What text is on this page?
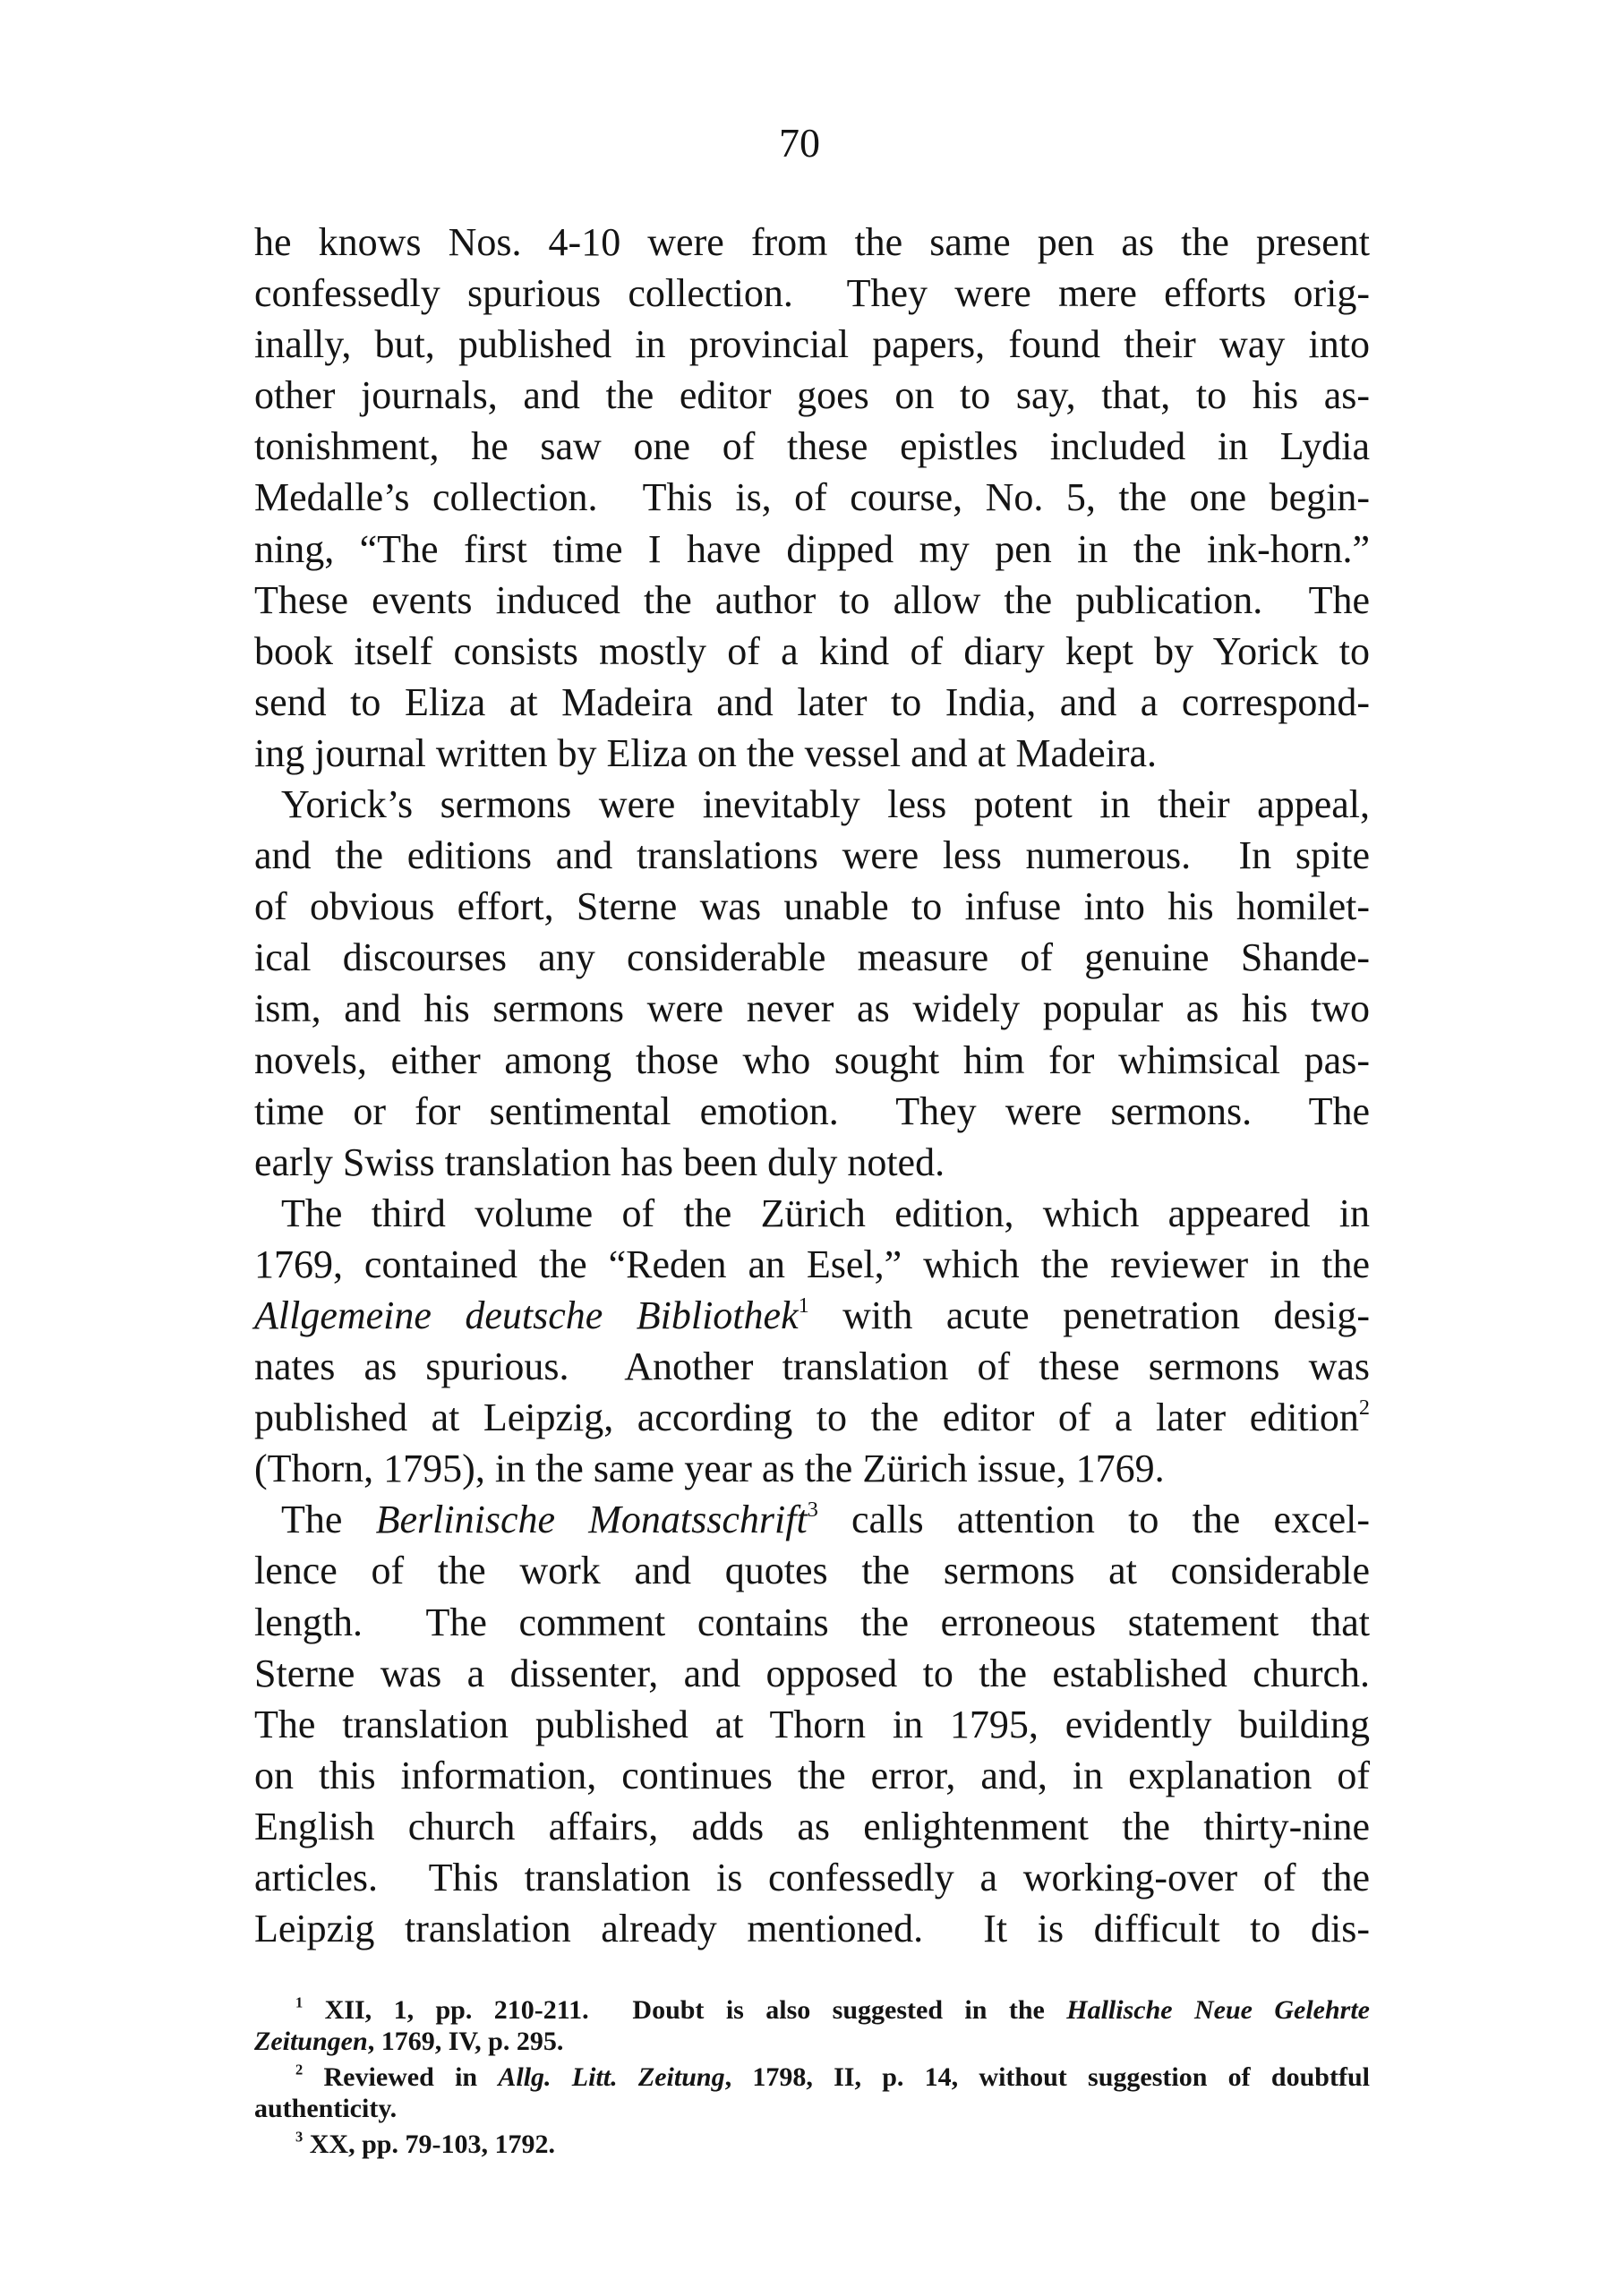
70
he knows Nos. 4-10 were from the same pen as the present
confessedly spurious collection.  They were mere efforts orig-
inally, but, published in provincial papers, found their way into
other journals, and the editor goes on to say, that, to his as-
tonishment, he saw one of these epistles included in Lydia
Medalle’s collection.  This is, of course, No. 5, the one begin-
ning, “The first time I have dipped my pen in the ink-horn.”
These events induced the author to allow the publication.  The
book itself consists mostly of a kind of diary kept by Yorick to
send to Eliza at Madeira and later to India, and a correspond-
ing journal written by Eliza on the vessel and at Madeira.
Yorick’s sermons were inevitably less potent in their appeal,
and the editions and translations were less numerous.  In spite
of obvious effort, Sterne was unable to infuse into his homilet-
ical discourses any considerable measure of genuine Shande-
ism, and his sermons were never as widely popular as his two
novels, either among those who sought him for whimsical pas-
time or for sentimental emotion.  They were sermons.  The
early Swiss translation has been duly noted.
The third volume of the Zürich edition, which appeared in
1769, contained the “Reden an Esel,” which the reviewer in the
Allgemeine deutsche Bibliothek$^1$ with acute penetration desig-
nates as spurious.  Another translation of these sermons was
published at Leipzig, according to the editor of a later edition$^2$
(Thorn, 1795), in the same year as the Zürich issue, 1769.
The Berlinische Monatsschrift$^3$ calls attention to the excel-
lence of the work and quotes the sermons at considerable
length.  The comment contains the erroneous statement that
Sterne was a dissenter, and opposed to the established church.
The translation published at Thorn in 1795, evidently building
on this information, continues the error, and, in explanation of
English church affairs, adds as enlightenment the thirty-nine
articles.  This translation is confessedly a working-over of the
Leipzig translation already mentioned.  It is difficult to dis-
$^1$ XII, 1, pp. 210-211.  Doubt is also suggested in the Hallische Neue Gelehrte
Zeitungen, 1769, IV, p. 295.
$^2$ Reviewed in Allg. Litt. Zeitung, 1798, II, p. 14, without suggestion of doubtful
authenticity.
$^3$ XX, pp. 79-103, 1792.
